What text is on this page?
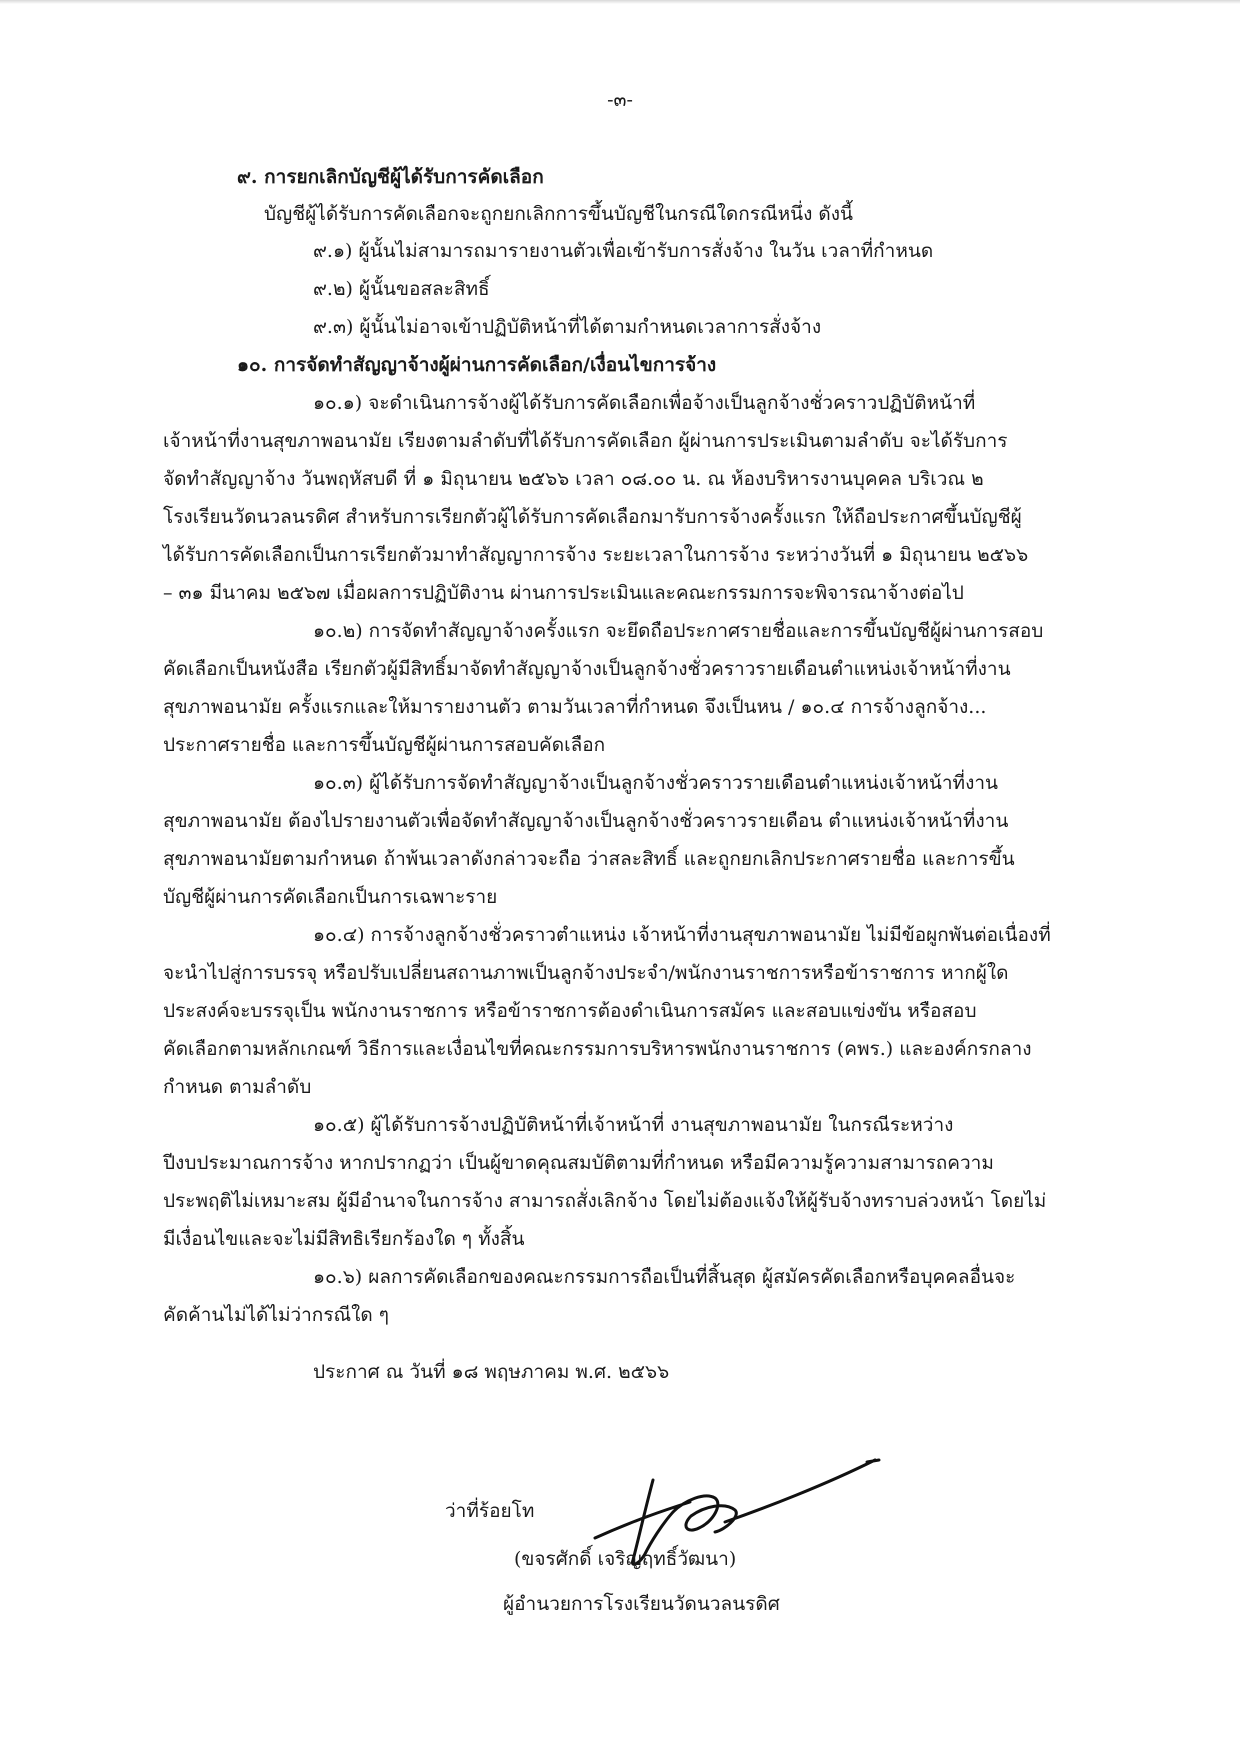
-๓-
๙. การยกเลิกบัญชีผู้ได้รับการคัดเลือก
บัญชีผู้ได้รับการคัดเลือกจะถูกยกเลิกการขึ้นบัญชีในกรณีใดกรณีหนึ่ง ดังนี้
๙.๑) ผู้นั้นไม่สามารถมารายงานตัวเพื่อเข้ารับการสั่งจ้าง ในวัน เวลาที่กำหนด
๙.๒) ผู้นั้นขอสละสิทธิ์
๙.๓) ผู้นั้นไม่อาจเข้าปฏิบัติหน้าที่ได้ตามกำหนดเวลาการสั่งจ้าง
๑๐. การจัดทำสัญญาจ้างผู้ผ่านการคัดเลือก/เงื่อนไขการจ้าง
๑๐.๑) จะดำเนินการจ้างผู้ได้รับการคัดเลือกเพื่อจ้างเป็นลูกจ้างชั่วคราวปฏิบัติหน้าที่
เจ้าหน้าที่งานสุขภาพอนามัย เรียงตามลำดับที่ได้รับการคัดเลือก ผู้ผ่านการประเมินตามลำดับ จะได้รับการ
จัดทำสัญญาจ้าง วันพฤหัสบดี ที่ ๑ มิถุนายน ๒๕๖๖ เวลา ๐๘.๐๐ น. ณ ห้องบริหารงานบุคคล บริเวณ ๒
โรงเรียนวัดนวลนรดิศ สำหรับการเรียกตัวผู้ได้รับการคัดเลือกมารับการจ้างครั้งแรก ให้ถือประกาศขึ้นบัญชีผู้
ได้รับการคัดเลือกเป็นการเรียกตัวมาทำสัญญาการจ้าง ระยะเวลาในการจ้าง ระหว่างวันที่ ๑ มิถุนายน ๒๕๖๖
– ๓๑ มีนาคม ๒๕๖๗ เมื่อผลการปฏิบัติงาน ผ่านการประเมินและคณะกรรมการจะพิจารณาจ้างต่อไป
๑๐.๒) การจัดทำสัญญาจ้างครั้งแรก จะยึดถือประกาศรายชื่อและการขึ้นบัญชีผู้ผ่านการสอบ
คัดเลือกเป็นหนังสือ เรียกตัวผู้มีสิทธิ์มาจัดทำสัญญาจ้างเป็นลูกจ้างชั่วคราวรายเดือนตำแหน่งเจ้าหน้าที่งาน
สุขภาพอนามัย ครั้งแรกและให้มารายงานตัว ตามวันเวลาที่กำหนด จึงเป็นหน / ๑๐.๔ การจ้างลูกจ้าง...
ประกาศรายชื่อ และการขึ้นบัญชีผู้ผ่านการสอบคัดเลือก
๑๐.๓) ผู้ได้รับการจัดทำสัญญาจ้างเป็นลูกจ้างชั่วคราวรายเดือนตำแหน่งเจ้าหน้าที่งาน
สุขภาพอนามัย ต้องไปรายงานตัวเพื่อจัดทำสัญญาจ้างเป็นลูกจ้างชั่วคราวรายเดือน ตำแหน่งเจ้าหน้าที่งาน
สุขภาพอนามัยตามกำหนด ถ้าพ้นเวลาดังกล่าวจะถือ ว่าสละสิทธิ์ และถูกยกเลิกประกาศรายชื่อ และการขึ้น
บัญชีผู้ผ่านการคัดเลือกเป็นการเฉพาะราย
๑๐.๔) การจ้างลูกจ้างชั่วคราวตำแหน่ง เจ้าหน้าที่งานสุขภาพอนามัย ไม่มีข้อผูกพันต่อเนื่องที่
จะนำไปสู่การบรรจุ หรือปรับเปลี่ยนสถานภาพเป็นลูกจ้างประจำ/พนักงานราชการหรือข้าราชการ หากผู้ใด
ประสงค์จะบรรจุเป็น พนักงานราชการ หรือข้าราชการต้องดำเนินการสมัคร และสอบแข่งขัน หรือสอบ
คัดเลือกตามหลักเกณฑ์ วิธีการและเงื่อนไขที่คณะกรรมการบริหารพนักงานราชการ (คพร.) และองค์กรกลาง
กำหนด ตามลำดับ
๑๐.๕) ผู้ได้รับการจ้างปฏิบัติหน้าที่เจ้าหน้าที่ งานสุขภาพอนามัย ในกรณีระหว่าง
ปีงบประมาณการจ้าง หากปรากฏว่า เป็นผู้ขาดคุณสมบัติตามที่กำหนด หรือมีความรู้ความสามารถความ
ประพฤติไม่เหมาะสม ผู้มีอำนาจในการจ้าง สามารถสั่งเลิกจ้าง โดยไม่ต้องแจ้งให้ผู้รับจ้างทราบล่วงหน้า โดยไม่
มีเงื่อนไขและจะไม่มีสิทธิเรียกร้องใด ๆ ทั้งสิ้น
๑๐.๖) ผลการคัดเลือกของคณะกรรมการถือเป็นที่สิ้นสุด ผู้สมัครคัดเลือกหรือบุคคลอื่นจะ
คัดค้านไม่ได้ไม่ว่ากรณีใด ๆ
ประกาศ ณ วันที่ ๑๘ พฤษภาคม พ.ศ. ๒๕๖๖
ว่าที่ร้อยโท
(ขจรศักดิ์ เจริญฤทธิ์วัฒนา)
ผู้อำนวยการโรงเรียนวัดนวลนรดิศ
